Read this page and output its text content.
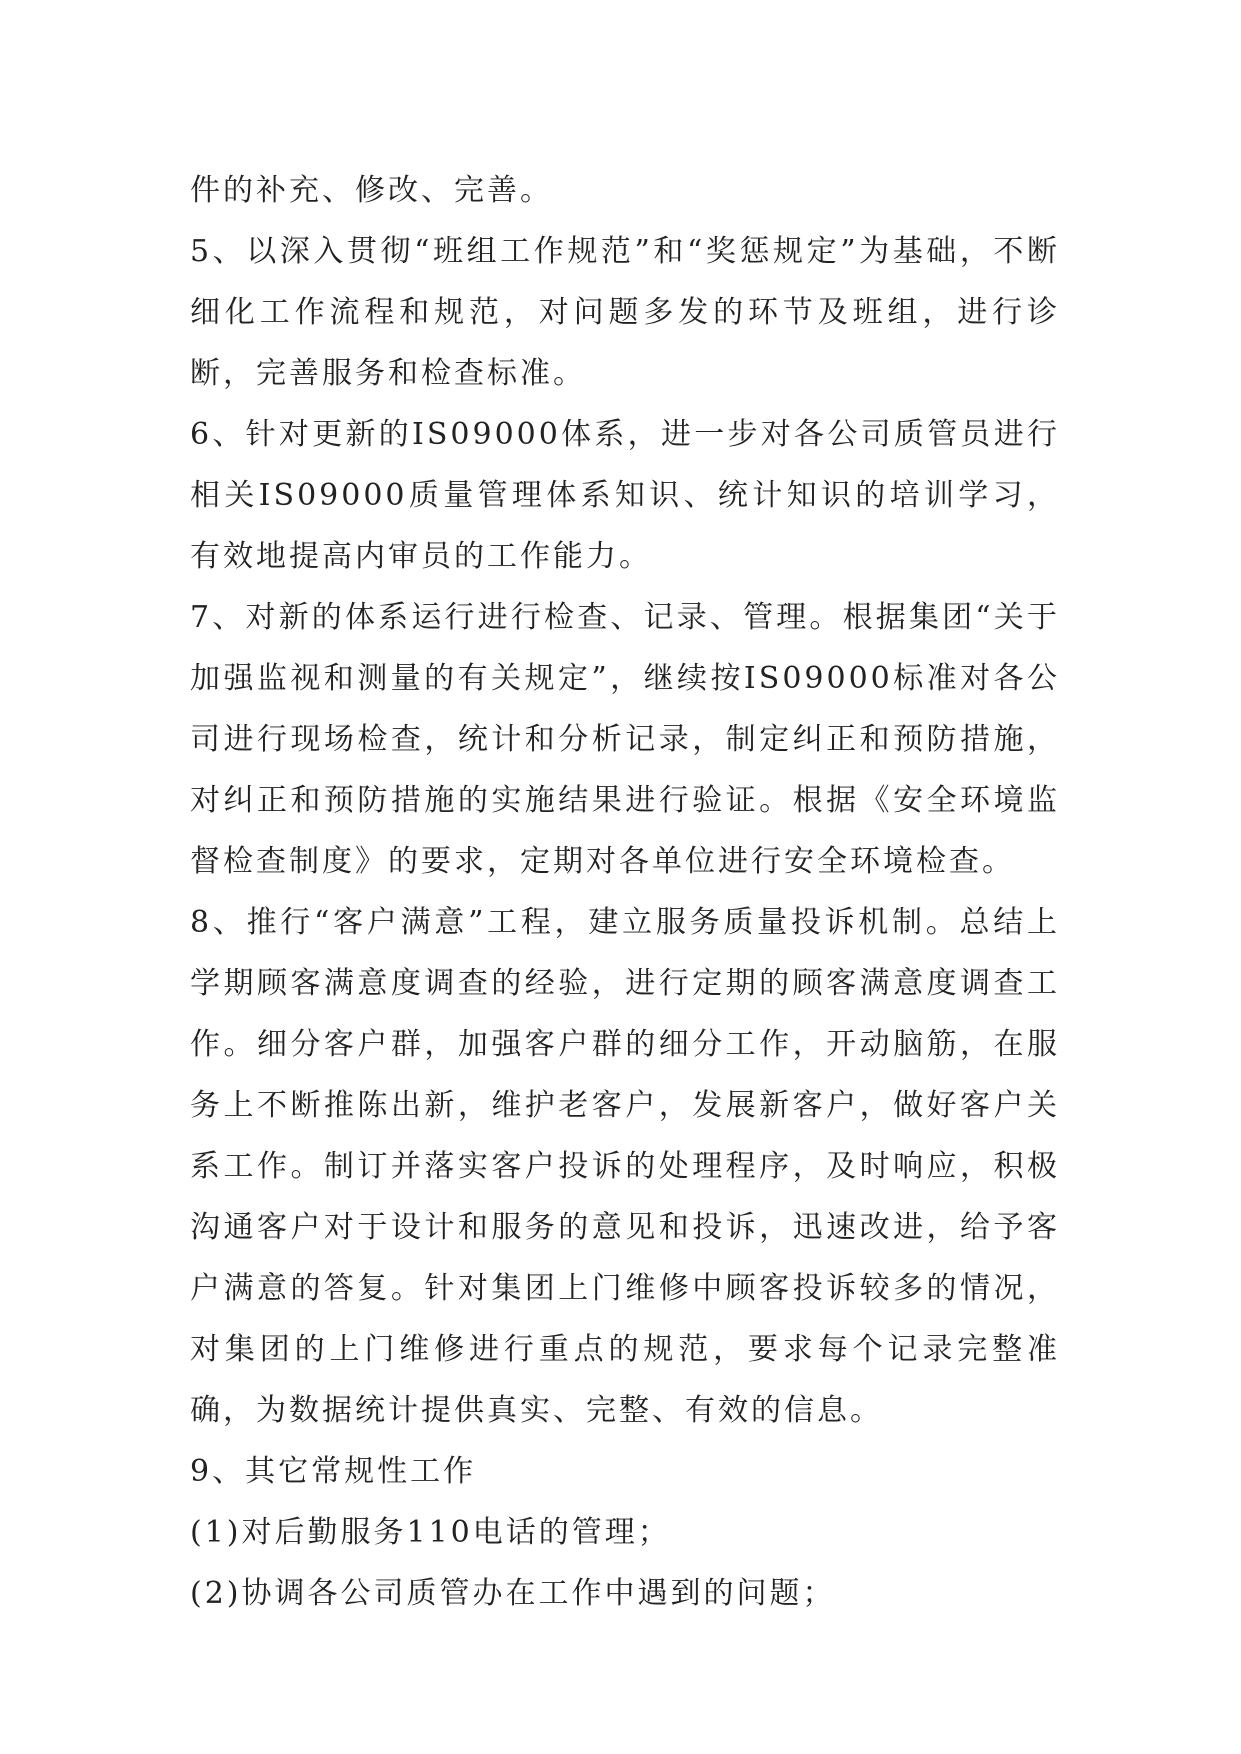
件的补充、修改、完善。

5、以深入贯彻“班组工作规范”和“奖惩规定”为基础，不断细化工作流程和规范，对问题多发的环节及班组，进行诊断，完善服务和检查标准。

6、针对更新的IS09000体系，进一步对各公司质管员进行相关IS09000质量管理体系知识、统计知识的培训学习，有效地提高内审员的工作能力。

7、对新的体系运行进行检查、记录、管理。根据集团“关于加强监视和测量的有关规定”，继续按IS09000标准对各公司进行现场检查，统计和分析记录，制定纠正和预防措施，对纠正和预防措施的实施结果进行验证。根据《安全环境监督检查制度》的要求，定期对各单位进行安全环境检查。

8、推行“客户满意”工程，建立服务质量投诉机制。总结上学期顾客满意度调查的经验，进行定期的顾客满意度调查工作。细分客户群，加强客户群的细分工作，开动脑筋，在服务上不断推陈出新，维护老客户，发展新客户，做好客户关系工作。制订并落实客户投诉的处理程序，及时响应，积极沟通客户对于设计和服务的意见和投诉，迅速改进，给予客户满意的答复。针对集团上门维修中顾客投诉较多的情况，对集团的上门维修进行重点的规范，要求每个记录完整准确，为数据统计提供真实、完整、有效的信息。

9、其它常规性工作

(1)对后勤服务110电话的管理；

(2)协调各公司质管办在工作中遇到的问题；
